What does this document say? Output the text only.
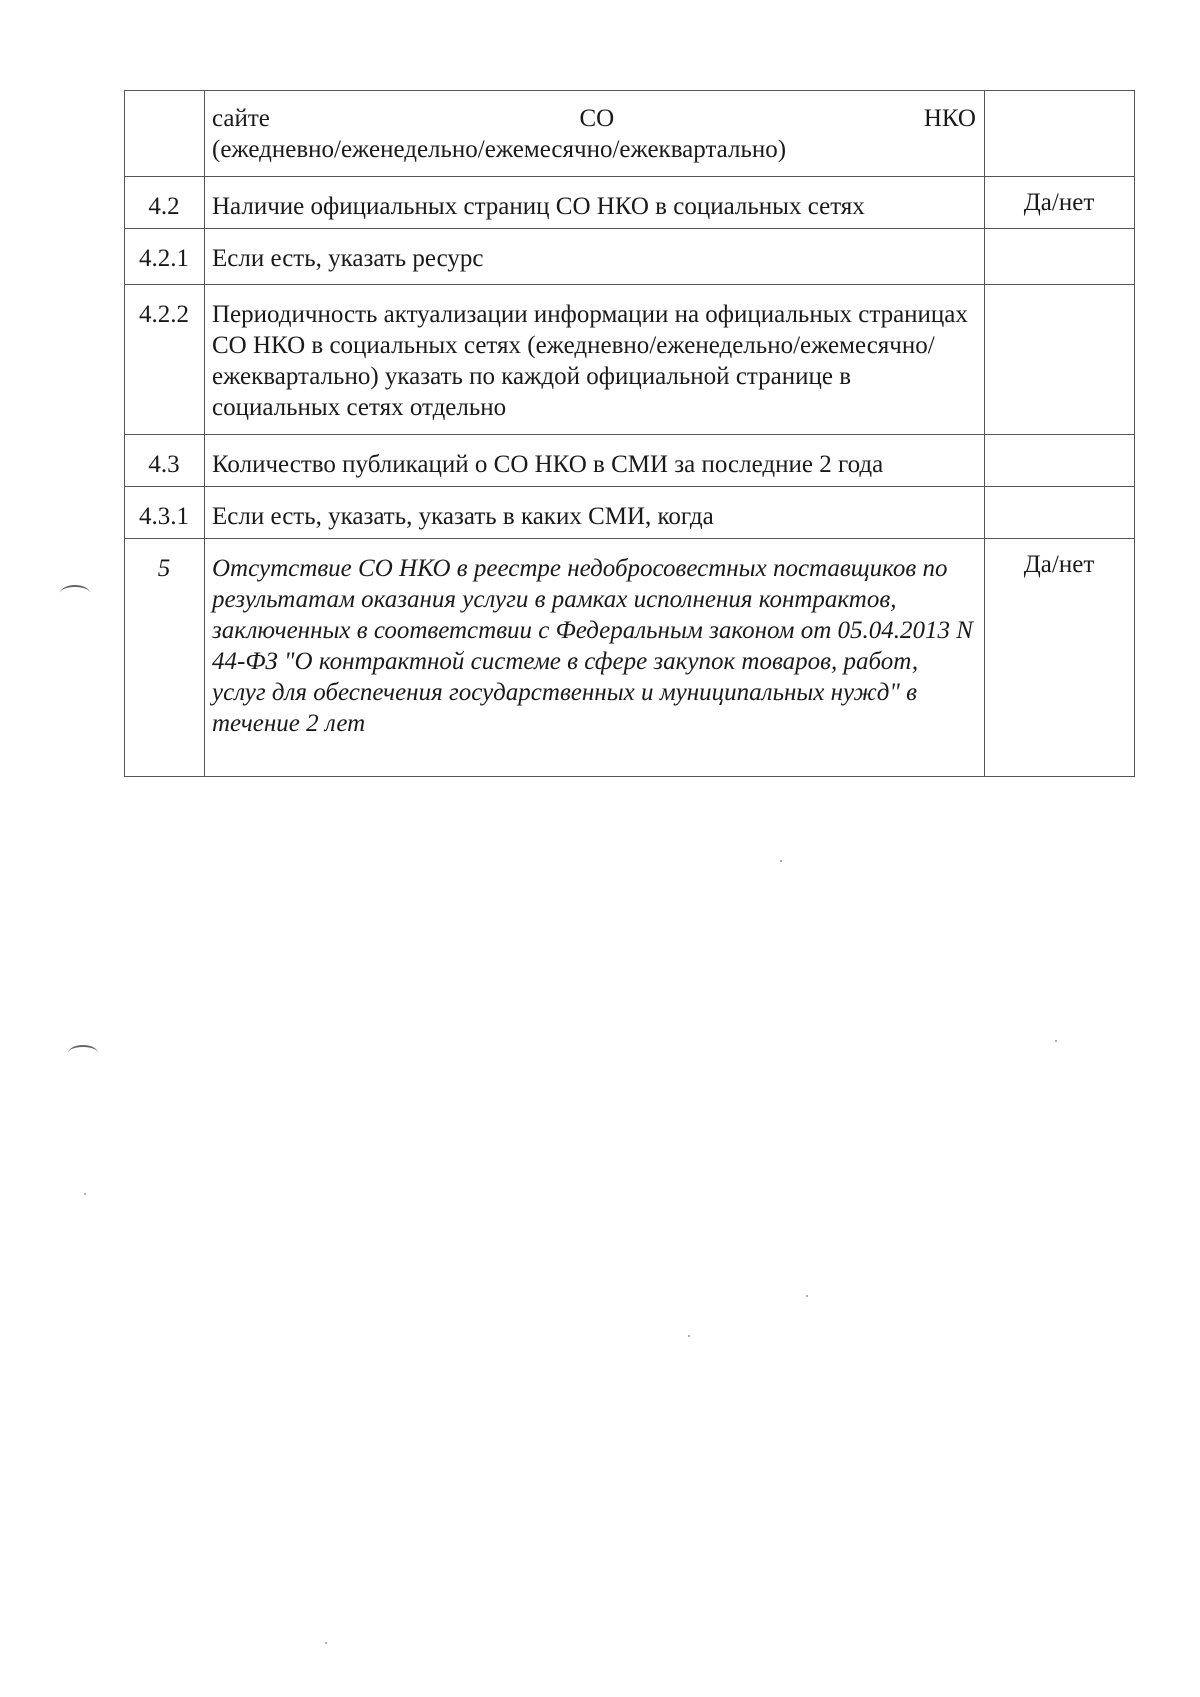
	сайте СО НКО
(ежедневно/еженедельно/ежемесячно/ежеквартально)	

4.2	Наличие официальных страниц СО НКО в социальных сетях	Да/нет
4.2.1	Если есть, указать ресурс	
4.2.2	Периодичность актуализации информации на официальных страницах СО НКО в социальных сетях (ежедневно/еженедельно/ежемесячно/ежеквартально) указать по каждой официальной странице в социальных сетях отдельно	
4.3	Количество публикаций о СО НКО в СМИ за последние 2 года	
4.3.1	Если есть, указать, указать в каких СМИ, когда	
5	Отсутствие СО НКО в реестре недобросовестных поставщиков по результатам оказания услуги в рамках исполнения контрактов, заключенных в соответствии с Федеральным законом от 05.04.2013 N 44-ФЗ "О контрактной системе в сфере закупок товаров, работ, услуг для обеспечения государственных и муниципальных нужд" в течение 2 лет	Да/нет
